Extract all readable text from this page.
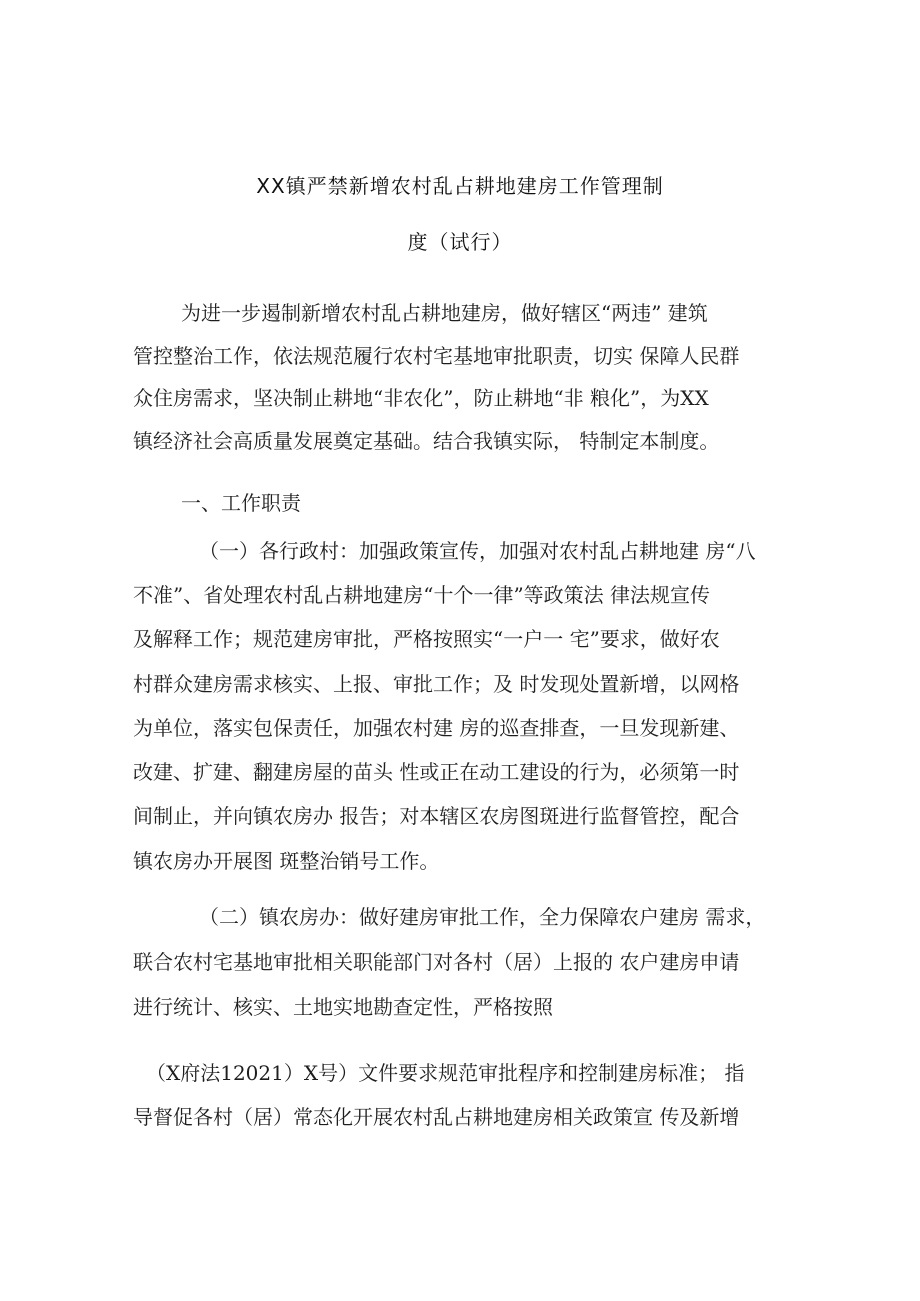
XX镇严禁新增农村乱占耕地建房工作管理制
度（试行）
为进一步遏制新增农村乱占耕地建房，做好辖区“两违” 建筑
管控整治工作，依法规范履行农村宅基地审批职责，切实 保障人民群
众住房需求，坚决制止耕地“非农化”，防止耕地“非 粮化”，为XX
镇经济社会高质量发展奠定基础。结合我镇实际， 特制定本制度。
一、工作职责
（一）各行政村：加强政策宣传，加强对农村乱占耕地建 房“八
不准”、省处理农村乱占耕地建房“十个一律”等政策法 律法规宣传
及解释工作；规范建房审批，严格按照实“一户一 宅”要求，做好农
村群众建房需求核实、上报、审批工作；及 时发现处置新增，以网格
为单位，落实包保责任，加强农村建 房的巡查排查，一旦发现新建、
改建、扩建、翻建房屋的苗头 性或正在动工建设的行为，必须第一时
间制止，并向镇农房办 报告；对本辖区农房图斑进行监督管控，配合
镇农房办开展图 斑整治销号工作。
（二）镇农房办：做好建房审批工作，全力保障农户建房 需求，
联合农村宅基地审批相关职能部门对各村（居）上报的 农户建房申请
进行统计、核实、土地实地勘查定性，严格按照
（X府法12021）X号）文件要求规范审批程序和控制建房标准； 指
导督促各村（居）常态化开展农村乱占耕地建房相关政策宣 传及新增
